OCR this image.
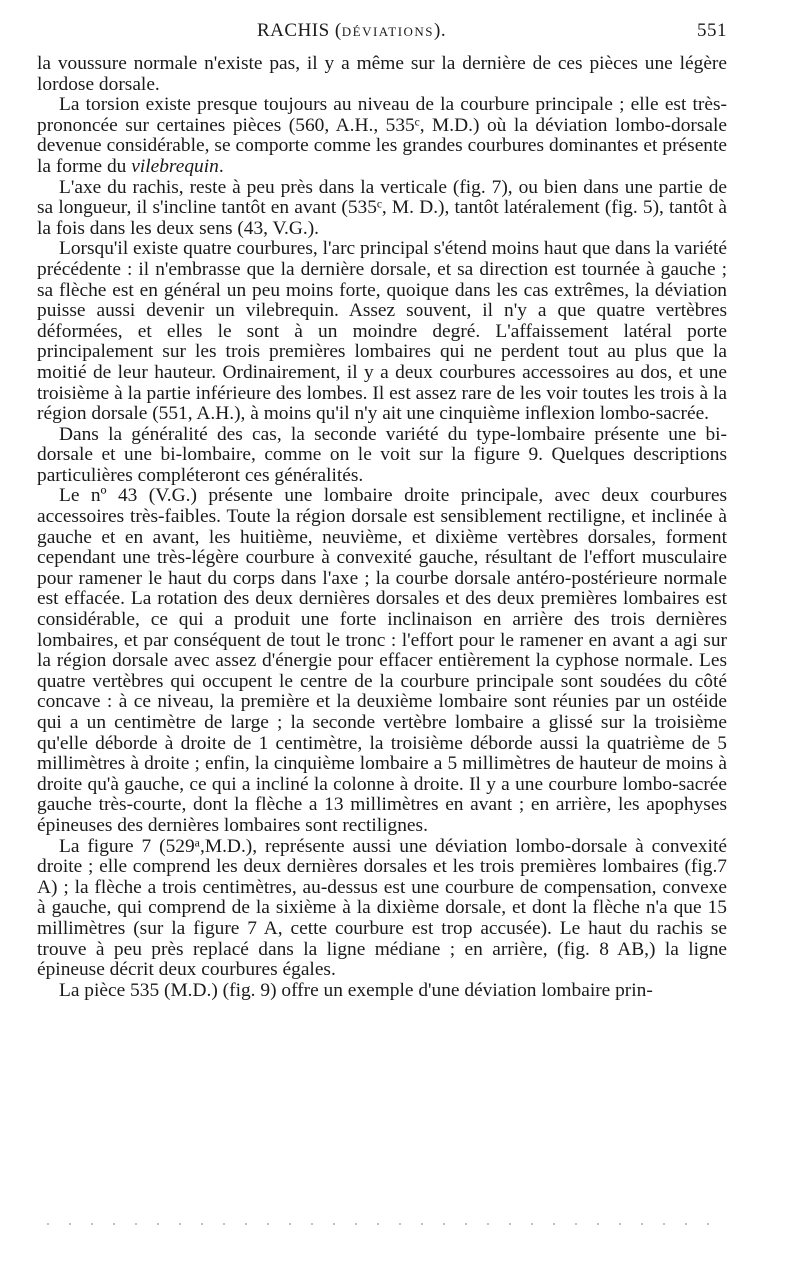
RACHIS (DÉVIATIONS).	551

la voussure normale n'existe pas, il y a même sur la dernière de ces pièces une légère lordose dorsale.

La torsion existe presque toujours au niveau de la courbure principale ; elle est très-prononcée sur certaines pièces (560, A.H., 535ᶜ, M.D.) où la déviation lombo-dorsale devenue considérable, se comporte comme les grandes courbures dominantes et présente la forme du vilebrequin.

L'axe du rachis, reste à peu près dans la verticale (fig. 7), ou bien dans une partie de sa longueur, il s'incline tantôt en avant (535ᶜ, M. D.), tantôt latéralement (fig. 5), tantôt à la fois dans les deux sens (43, V.G.).

Lorsqu'il existe quatre courbures, l'arc principal s'étend moins haut que dans la variété précédente : il n'embrasse que la dernière dorsale, et sa direction est tournée à gauche ; sa flèche est en général un peu moins forte, quoique dans les cas extrêmes, la déviation puisse aussi devenir un vilebrequin. Assez souvent, il n'y a que quatre vertèbres déformées, et elles le sont à un moindre degré. L'affaissement latéral porte principalement sur les trois premières lombaires qui ne perdent tout au plus que la moitié de leur hauteur. Ordinairement, il y a deux courbures accessoires au dos, et une troisième à la partie inférieure des lombes. Il est assez rare de les voir toutes les trois à la région dorsale (551, A.H.), à moins qu'il n'y ait une cinquième inflexion lombo-sacrée.

Dans la généralité des cas, la seconde variété du type-lombaire présente une bi-dorsale et une bi-lombaire, comme on le voit sur la figure 9. Quelques descriptions particulières compléteront ces généralités.

Le nº 43 (V.G.) présente une lombaire droite principale, avec deux courbures accessoires très-faibles. Toute la région dorsale est sensiblement rectiligne, et inclinée à gauche et en avant, les huitième, neuvième, et dixième vertèbres dorsales, forment cependant une très-légère courbure à convexité gauche, résultant de l'effort musculaire pour ramener le haut du corps dans l'axe ; la courbe dorsale antéro-postérieure normale est effacée. La rotation des deux dernières dorsales et des deux premières lombaires est considérable, ce qui a produit une forte inclinaison en arrière des trois dernières lombaires, et par conséquent de tout le tronc : l'effort pour le ramener en avant a agi sur la région dorsale avec assez d'énergie pour effacer entièrement la cyphose normale. Les quatre vertèbres qui occupent le centre de la courbure principale sont soudées du côté concave : à ce niveau, la première et la deuxième lombaire sont réunies par un ostéide qui a un centimètre de large ; la seconde vertèbre lombaire a glissé sur la troisième qu'elle déborde à droite de 1 centimètre, la troisième déborde aussi la quatrième de 5 millimètres à droite ; enfin, la cinquième lombaire a 5 millimètres de hauteur de moins à droite qu'à gauche, ce qui a incliné la colonne à droite. Il y a une courbure lombo-sacrée gauche très-courte, dont la flèche a 13 millimètres en avant ; en arrière, les apophyses épineuses des dernières lombaires sont rectilignes.

La figure 7 (529ᵃ,M.D.), représente aussi une déviation lombo-dorsale à convexité droite ; elle comprend les deux dernières dorsales et les trois premières lombaires (fig.7 A) ; la flèche a trois centimètres, au-dessus est une courbure de compensation, convexe à gauche, qui comprend de la sixième à la dixième dorsale, et dont la flèche n'a que 15 millimètres (sur la figure 7 A, cette courbure est trop accusée). Le haut du rachis se trouve à peu près replacé dans la ligne médiane ; en arrière, (fig. 8 AB,) la ligne épineuse décrit deux courbures égales.

La pièce 535 (M.D.) (fig. 9) offre un exemple d'une déviation lombaire prin-
